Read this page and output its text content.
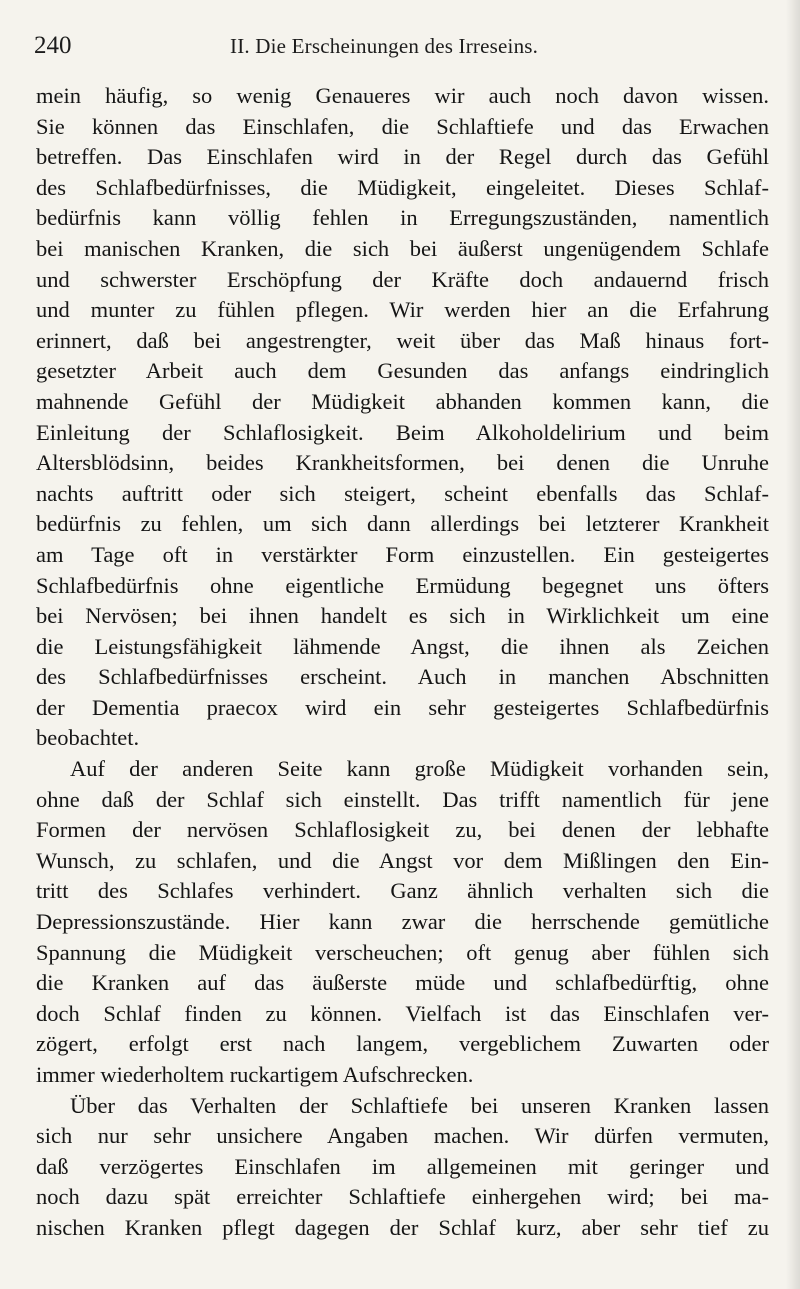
240	II. Die Erscheinungen des Irreseins.
mein häufig, so wenig Genaueres wir auch noch davon wissen.
Sie können das Einschlafen, die Schlaftiefe und das Erwachen
betreffen. Das Einschlafen wird in der Regel durch das Gefühl
des Schlafbedürfnisses, die Müdigkeit, eingeleitet. Dieses Schlaf-
bedürfnis kann völlig fehlen in Erregungszuständen, namentlich
bei manischen Kranken, die sich bei äußerst ungenügendem Schlafe
und schwerster Erschöpfung der Kräfte doch andauernd frisch
und munter zu fühlen pflegen. Wir werden hier an die Erfahrung
erinnert, daß bei angestrengter, weit über das Maß hinaus fort-
gesetzter Arbeit auch dem Gesunden das anfangs eindringlich
mahnende Gefühl der Müdigkeit abhanden kommen kann, die
Einleitung der Schlaflosigkeit. Beim Alkoholdelirium und beim
Altersblödsinn, beides Krankheitsformen, bei denen die Unruhe
nachts auftritt oder sich steigert, scheint ebenfalls das Schlaf-
bedürfnis zu fehlen, um sich dann allerdings bei letzterer Krankheit
am Tage oft in verstärkter Form einzustellen. Ein gesteigertes
Schlafbedürfnis ohne eigentliche Ermüdung begegnet uns öfters
bei Nervösen; bei ihnen handelt es sich in Wirklichkeit um eine
die Leistungsfähigkeit lähmende Angst, die ihnen als Zeichen
des Schlafbedürfnisses erscheint. Auch in manchen Abschnitten
der Dementia praecox wird ein sehr gesteigertes Schlafbedürfnis
beobachtet.
Auf der anderen Seite kann große Müdigkeit vorhanden sein,
ohne daß der Schlaf sich einstellt. Das trifft namentlich für jene
Formen der nervösen Schlaflosigkeit zu, bei denen der lebhafte
Wunsch, zu schlafen, und die Angst vor dem Mißlingen den Ein-
tritt des Schlafes verhindert. Ganz ähnlich verhalten sich die
Depressionszustände. Hier kann zwar die herrschende gemütliche
Spannung die Müdigkeit verscheuchen; oft genug aber fühlen sich
die Kranken auf das äußerste müde und schlafbedürftig, ohne
doch Schlaf finden zu können. Vielfach ist das Einschlafen ver-
zögert, erfolgt erst nach langem, vergeblichem Zuwarten oder
immer wiederholtem ruckartigem Aufschrecken.
Über das Verhalten der Schlaftiefe bei unseren Kranken lassen
sich nur sehr unsichere Angaben machen. Wir dürfen vermuten,
daß verzögertes Einschlafen im allgemeinen mit geringer und
noch dazu spät erreichter Schlaftiefe einhergehen wird; bei ma-
nischen Kranken pflegt dagegen der Schlaf kurz, aber sehr tief zu
